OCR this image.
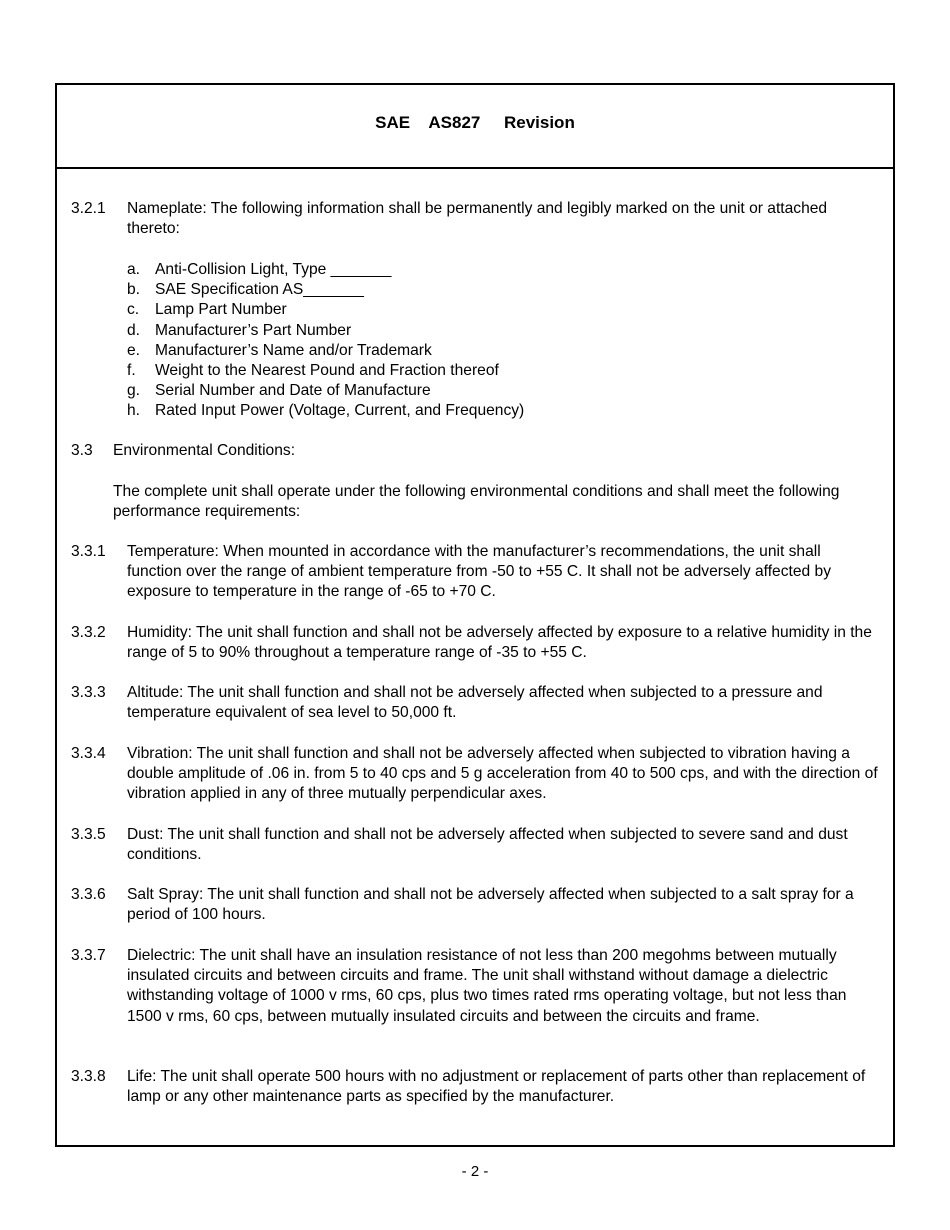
SAE    AS827     Revision
3.2.1 Nameplate: The following information shall be permanently and legibly marked on the unit or attached thereto:
a. Anti-Collision Light, Type _______
b. SAE Specification AS_______
c. Lamp Part Number
d. Manufacturer’s Part Number
e. Manufacturer’s Name and/or Trademark
f. Weight to the Nearest Pound and Fraction thereof
g. Serial Number and Date of Manufacture
h. Rated Input Power (Voltage, Current, and Frequency)
3.3 Environmental Conditions:
The complete unit shall operate under the following environmental conditions and shall meet the following performance requirements:
3.3.1 Temperature: When mounted in accordance with the manufacturer’s recommendations, the unit shall function over the range of ambient temperature from -50 to +55 C. It shall not be adversely affected by exposure to temperature in the range of -65 to +70 C.
3.3.2 Humidity: The unit shall function and shall not be adversely affected by exposure to a relative humidity in the range of 5 to 90% throughout a temperature range of -35 to +55 C.
3.3.3 Altitude: The unit shall function and shall not be adversely affected when subjected to a pressure and temperature equivalent of sea level to 50,000 ft.
3.3.4 Vibration: The unit shall function and shall not be adversely affected when subjected to vibration having a double amplitude of .06 in. from 5 to 40 cps and 5 g acceleration from 40 to 500 cps, and with the direction of vibration applied in any of three mutually perpendicular axes.
3.3.5 Dust: The unit shall function and shall not be adversely affected when subjected to severe sand and dust conditions.
3.3.6 Salt Spray: The unit shall function and shall not be adversely affected when subjected to a salt spray for a period of 100 hours.
3.3.7 Dielectric: The unit shall have an insulation resistance of not less than 200 megohms between mutually insulated circuits and between circuits and frame. The unit shall withstand without damage a dielectric withstanding voltage of 1000 v rms, 60 cps, plus two times rated rms operating voltage, but not less than 1500 v rms, 60 cps, between mutually insulated circuits and between the circuits and frame.
3.3.8 Life: The unit shall operate 500 hours with no adjustment or replacement of parts other than replacement of lamp or any other maintenance parts as specified by the manufacturer.
- 2 -
